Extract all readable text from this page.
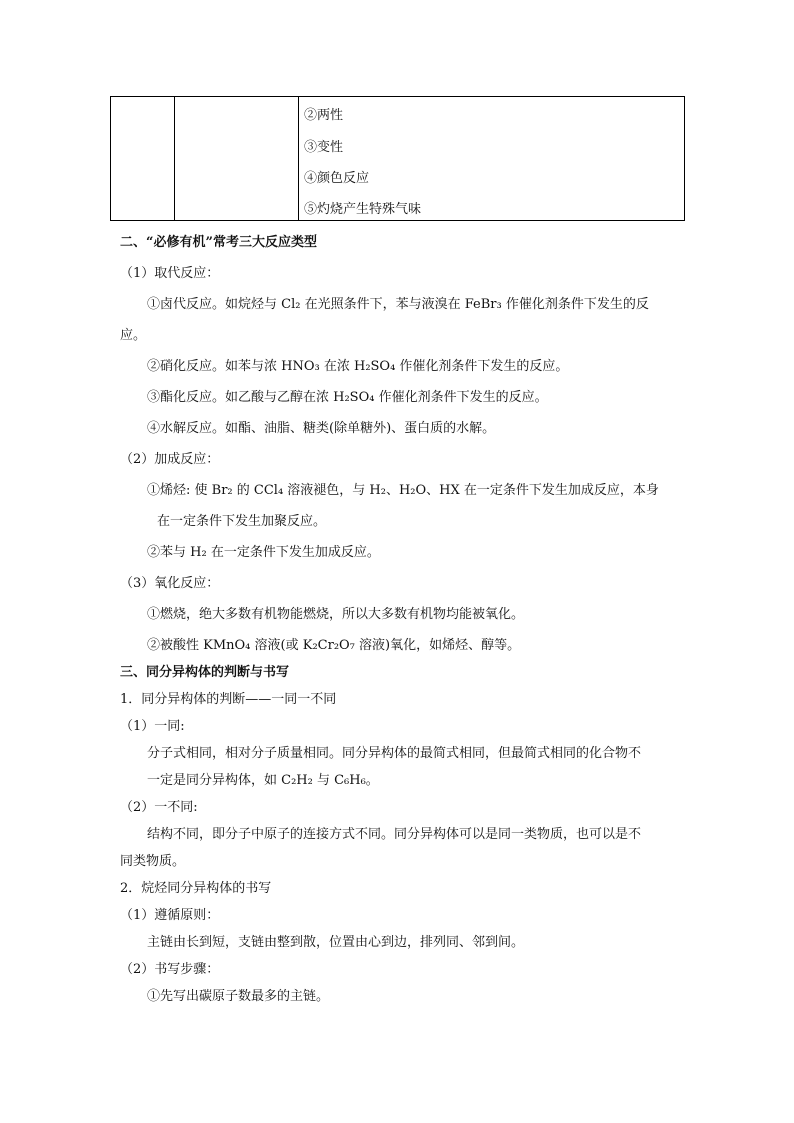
②两性
③变性
④颜色反应
⑤灼烧产生特殊气味
二、“必修有机”常考三大反应类型
（1）取代反应：
①卤代反应。如烷烃与 Cl₂ 在光照条件下，苯与液溴在 FeBr₃ 作催化剂条件下发生的反
应。
②硝化反应。如苯与浓 HNO₃ 在浓 H₂SO₄ 作催化剂条件下发生的反应。
③酯化反应。如乙酸与乙醇在浓 H₂SO₄ 作催化剂条件下发生的反应。
④水解反应。如酯、油脂、糖类(除单糖外)、蛋白质的水解。
（2）加成反应：
①烯烃: 使 Br₂ 的 CCl₄ 溶液褪色，与 H₂、H₂O、HX 在一定条件下发生加成反应，本身
在一定条件下发生加聚反应。
②苯与 H₂ 在一定条件下发生加成反应。
（3）氧化反应：
①燃烧，绝大多数有机物能燃烧，所以大多数有机物均能被氧化。
②被酸性 KMnO₄ 溶液(或 K₂Cr₂O₇ 溶液)氧化，如烯烃、醇等。
三、同分异构体的判断与书写
1．同分异构体的判断——一同一不同
（1）一同:
分子式相同，相对分子质量相同。同分异构体的最简式相同，但最简式相同的化合物不
一定是同分异构体，如 C₂H₂ 与 C₆H₆。
（2）一不同:
结构不同，即分子中原子的连接方式不同。同分异构体可以是同一类物质，也可以是不
同类物质。
2．烷烃同分异构体的书写
（1）遵循原则：
主链由长到短，支链由整到散，位置由心到边，排列同、邻到间。
（2）书写步骤：
①先写出碳原子数最多的主链。
